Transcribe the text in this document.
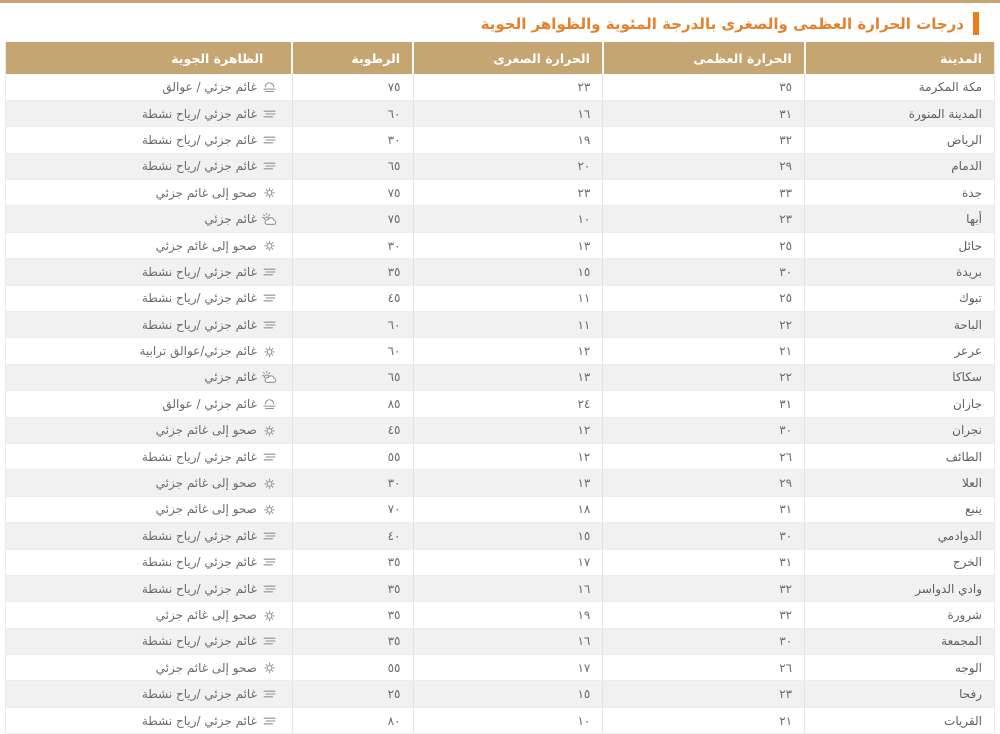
درجات الحرارة العظمى والصغرى بالدرجة المئوية والظواهر الجوية
المدينة	الحرارة العظمى	الحرارة الصغرى	الرطوبة	الظاهرة الجوية
مكة المكرمة	٣٥	٢٣	٧٥	غائم جزئي / عوالق

المدينة المنورة	٣١	١٦	٦٠	غائم جزئي /رياح نشطة

الرياض	٣٢	١٩	٣٠	غائم جزئي /رياح نشطة

الدمام	٢٩	٢٠	٦٥	غائم جزئي /رياح نشطة

جدة	٣٣	٢٣	٧٥	صحو إلى غائم جزئي

أبها	٢٣	١٠	٧٥	غائم جزئي

حائل	٢٥	١٣	٣٠	صحو إلى غائم جزئي

بريدة	٣٠	١٥	٣٥	غائم جزئي /رياح نشطة

تبوك	٢٥	١١	٤٥	غائم جزئي /رياح نشطة

الباحة	٢٢	١١	٦٠	غائم جزئي /رياح نشطة

عرعر	٢١	١٢	٦٠	غائم جزئي/عوالق ترابية

سكاكا	٢٢	١٣	٦٥	غائم جزئي

جازان	٣١	٢٤	٨٥	غائم جزئي / عوالق

نجران	٣٠	١٢	٤٥	صحو إلى غائم جزئي

الطائف	٢٦	١٢	٥٥	غائم جزئي /رياح نشطة

العلا	٢٩	١٣	٣٠	صحو إلى غائم جزئي

ينبع	٣١	١٨	٧٠	صحو إلى غائم جزئي

الدوادمي	٣٠	١٥	٤٠	غائم جزئي /رياح نشطة

الخرج	٣١	١٧	٣٥	غائم جزئي /رياح نشطة

وادي الدواسر	٣٢	١٦	٣٥	غائم جزئي /رياح نشطة

شرورة	٣٢	١٩	٣٥	صحو إلى غائم جزئي

المجمعة	٣٠	١٦	٣٥	غائم جزئي /رياح نشطة

الوجه	٢٦	١٧	٥٥	صحو إلى غائم جزئي

رفحا	٢٣	١٥	٢٥	غائم جزئي /رياح نشطة

القريات	٢١	١٠	٨٠	غائم جزئي /رياح نشطة
